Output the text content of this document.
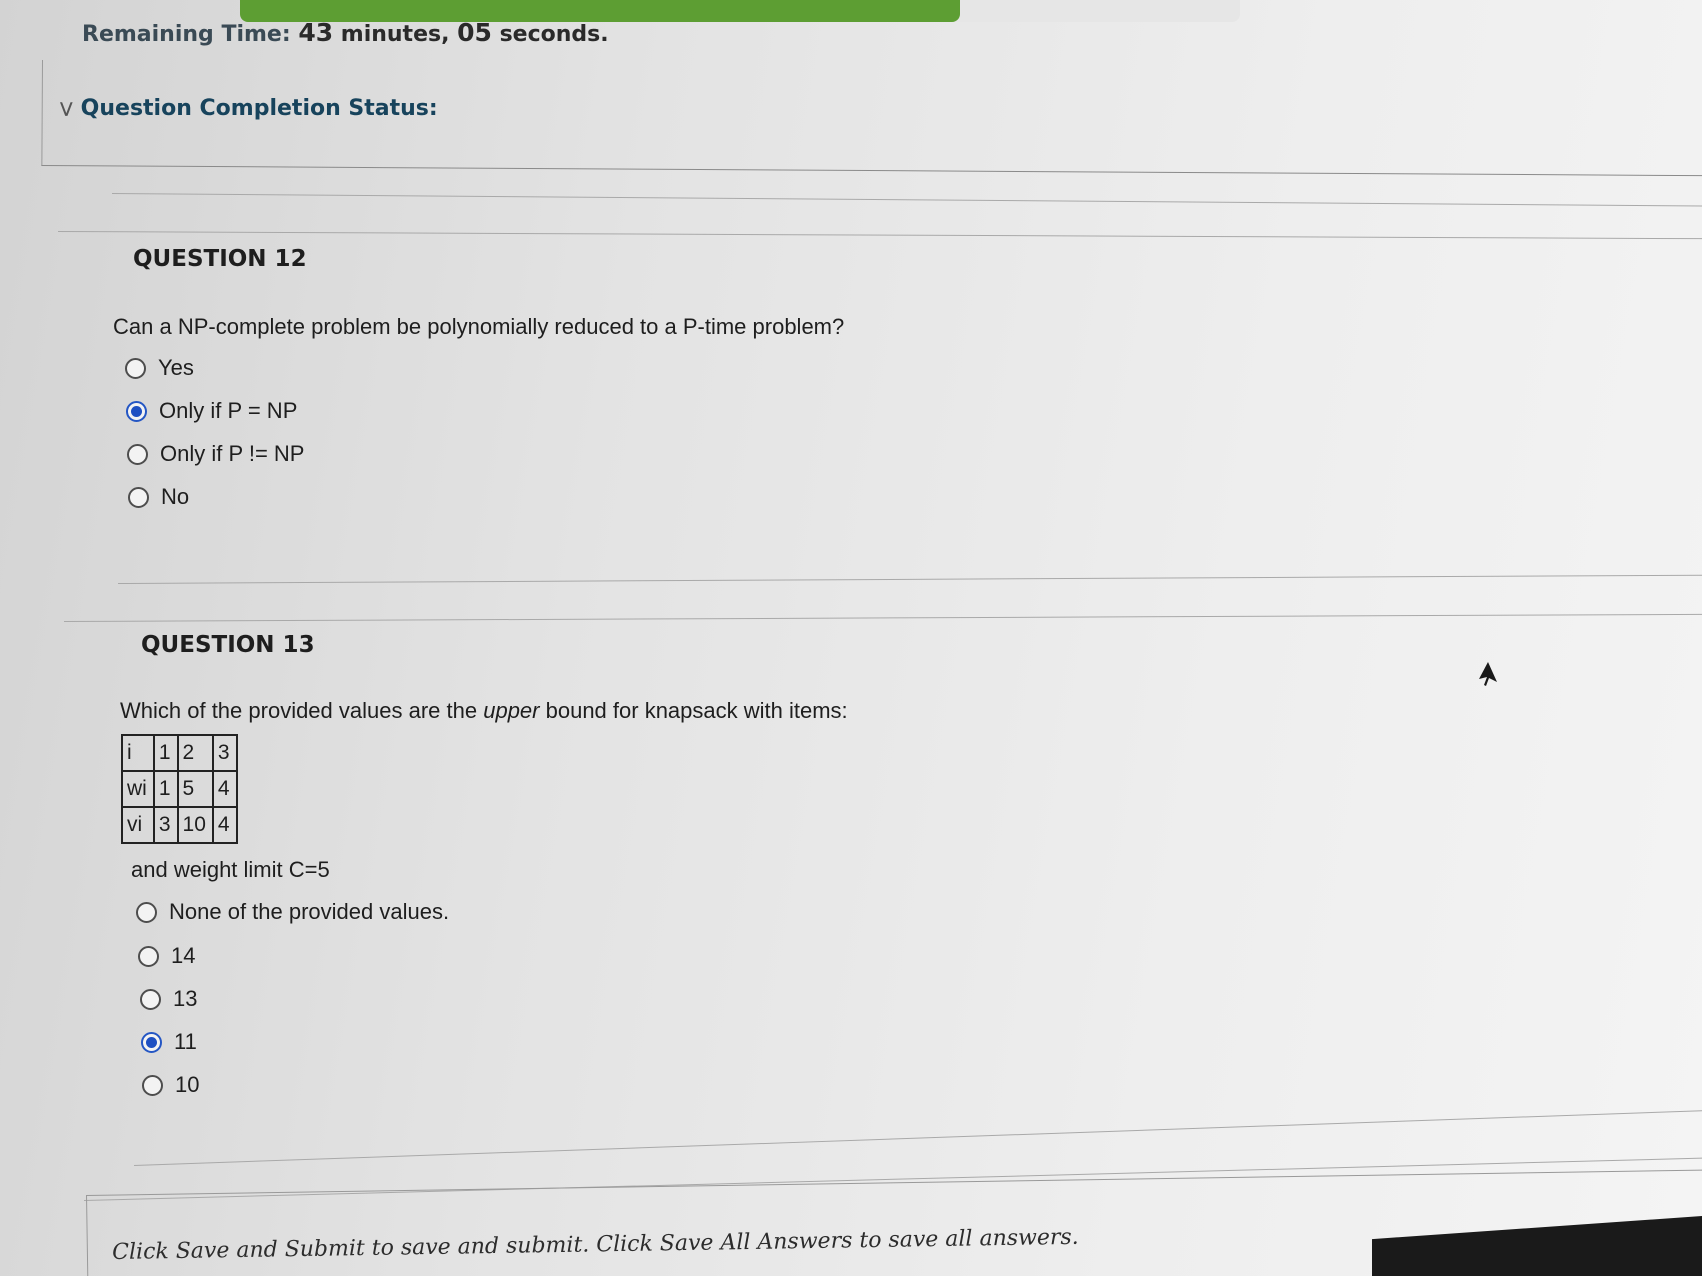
Remaining Time: 43 minutes, 05 seconds.
⋁ Question Completion Status:
QUESTION 12
Can a NP-complete problem be polynomially reduced to a P-time problem?
Yes
Only if P = NP
Only if P != NP
No
QUESTION 13
Which of the provided values are the upper bound for knapsack with items:
i	1	2	3
wi	1	5	4
vi	3	10	4
and weight limit C=5
None of the provided values.
14
13
11
10
Click Save and Submit to save and submit. Click Save All Answers to save all answers.
